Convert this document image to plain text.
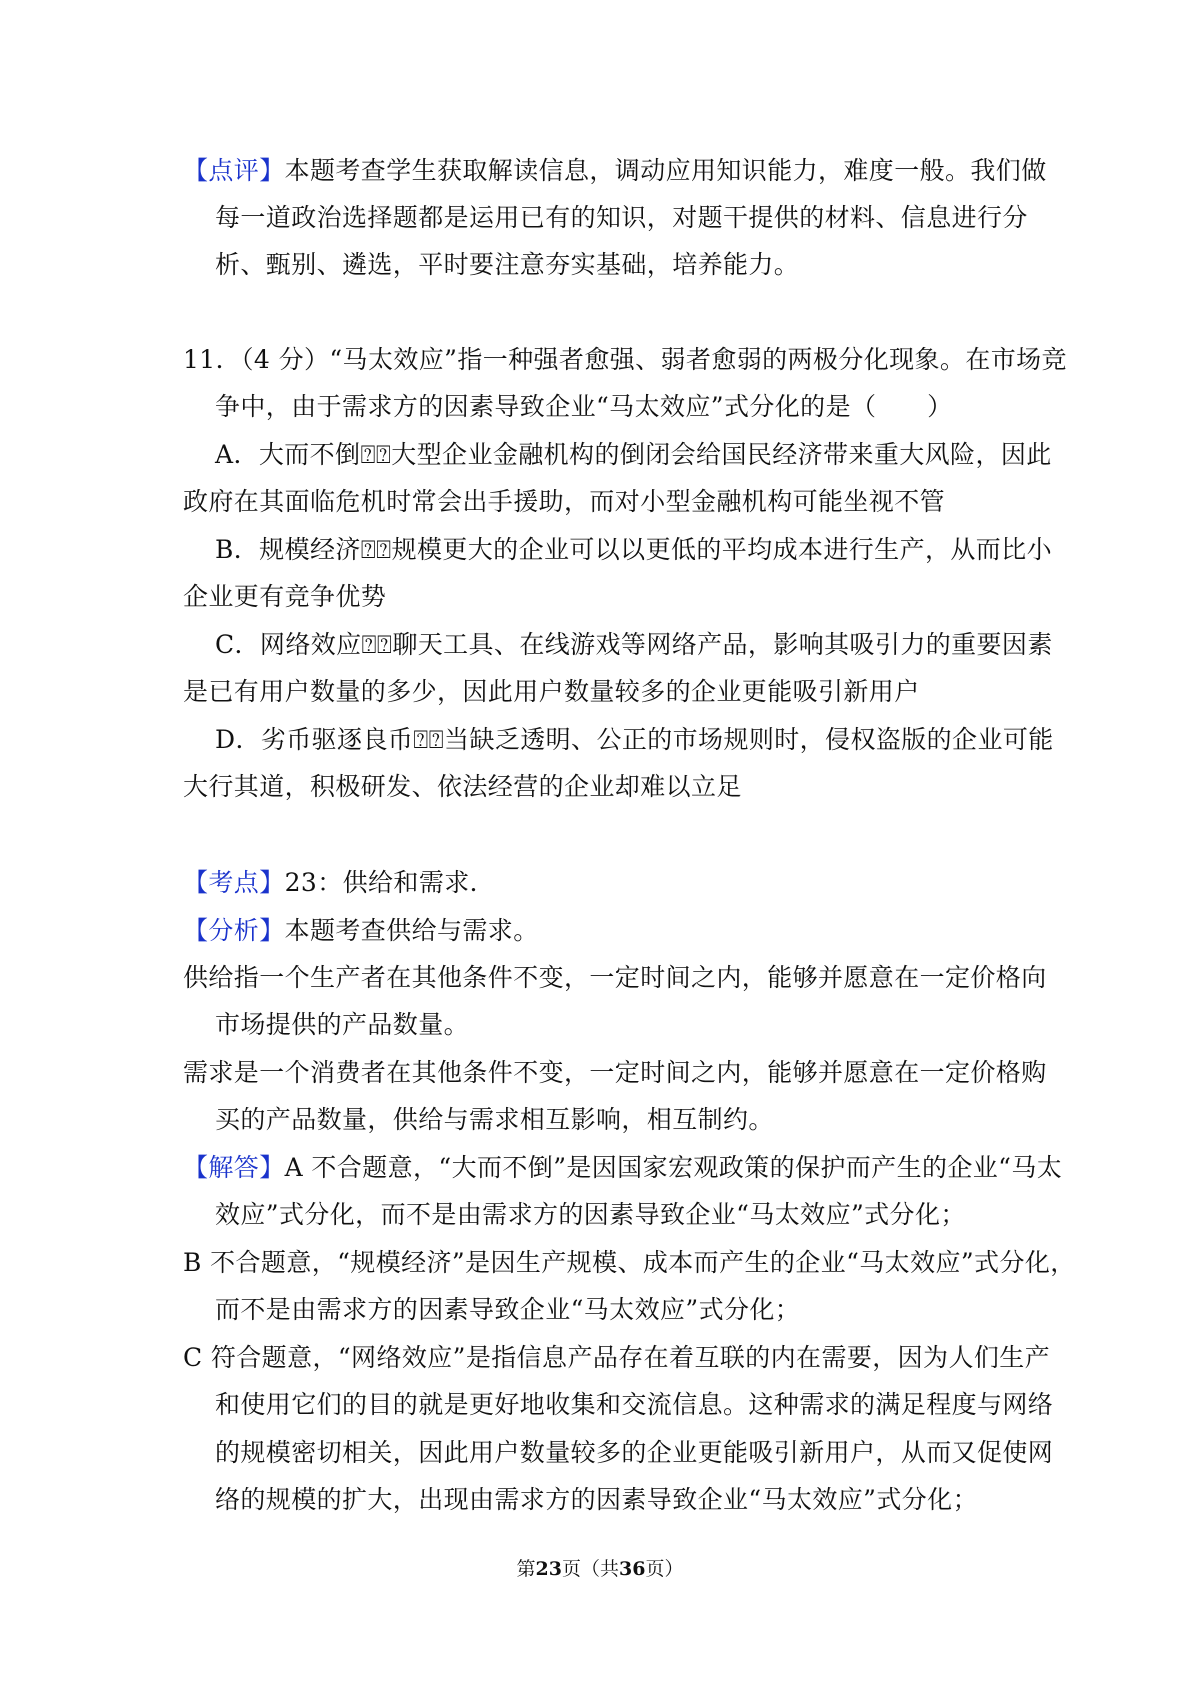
【点评】本题考查学生获取解读信息，调动应用知识能力，难度一般。我们做
每一道政治选择题都是运用已有的知识，对题干提供的材料、信息进行分
析、甄别、遴选，平时要注意夯实基础，培养能力。
11．（4 分）“马太效应”指一种强者愈强、弱者愈弱的两极分化现象。在市场竞
争中，由于需求方的因素导致企业“马太效应”式分化的是（　　）
A．大而不倒⍰⍰大型企业金融机构的倒闭会给国民经济带来重大风险，因此
政府在其面临危机时常会出手援助，而对小型金融机构可能坐视不管
B．规模经济⍰⍰规模更大的企业可以以更低的平均成本进行生产，从而比小
企业更有竞争优势
C．网络效应⍰⍰聊天工具、在线游戏等网络产品，影响其吸引力的重要因素
是已有用户数量的多少，因此用户数量较多的企业更能吸引新用户
D．劣币驱逐良币⍰⍰当缺乏透明、公正的市场规则时，侵权盗版的企业可能
大行其道，积极研发、依法经营的企业却难以立足
【考点】23：供给和需求．
【分析】本题考查供给与需求。
供给指一个生产者在其他条件不变，一定时间之内，能够并愿意在一定价格向
市场提供的产品数量。
需求是一个消费者在其他条件不变，一定时间之内，能够并愿意在一定价格购
买的产品数量，供给与需求相互影响，相互制约。
【解答】A 不合题意，“大而不倒”是因国家宏观政策的保护而产生的企业“马太
效应”式分化，而不是由需求方的因素导致企业“马太效应”式分化；
B 不合题意，“规模经济”是因生产规模、成本而产生的企业“马太效应”式分化，
而不是由需求方的因素导致企业“马太效应”式分化；
C 符合题意，“网络效应”是指信息产品存在着互联的内在需要，因为人们生产
和使用它们的目的就是更好地收集和交流信息。这种需求的满足程度与网络
的规模密切相关，因此用户数量较多的企业更能吸引新用户，从而又促使网
络的规模的扩大，出现由需求方的因素导致企业“马太效应”式分化；
第23页（共36页）
